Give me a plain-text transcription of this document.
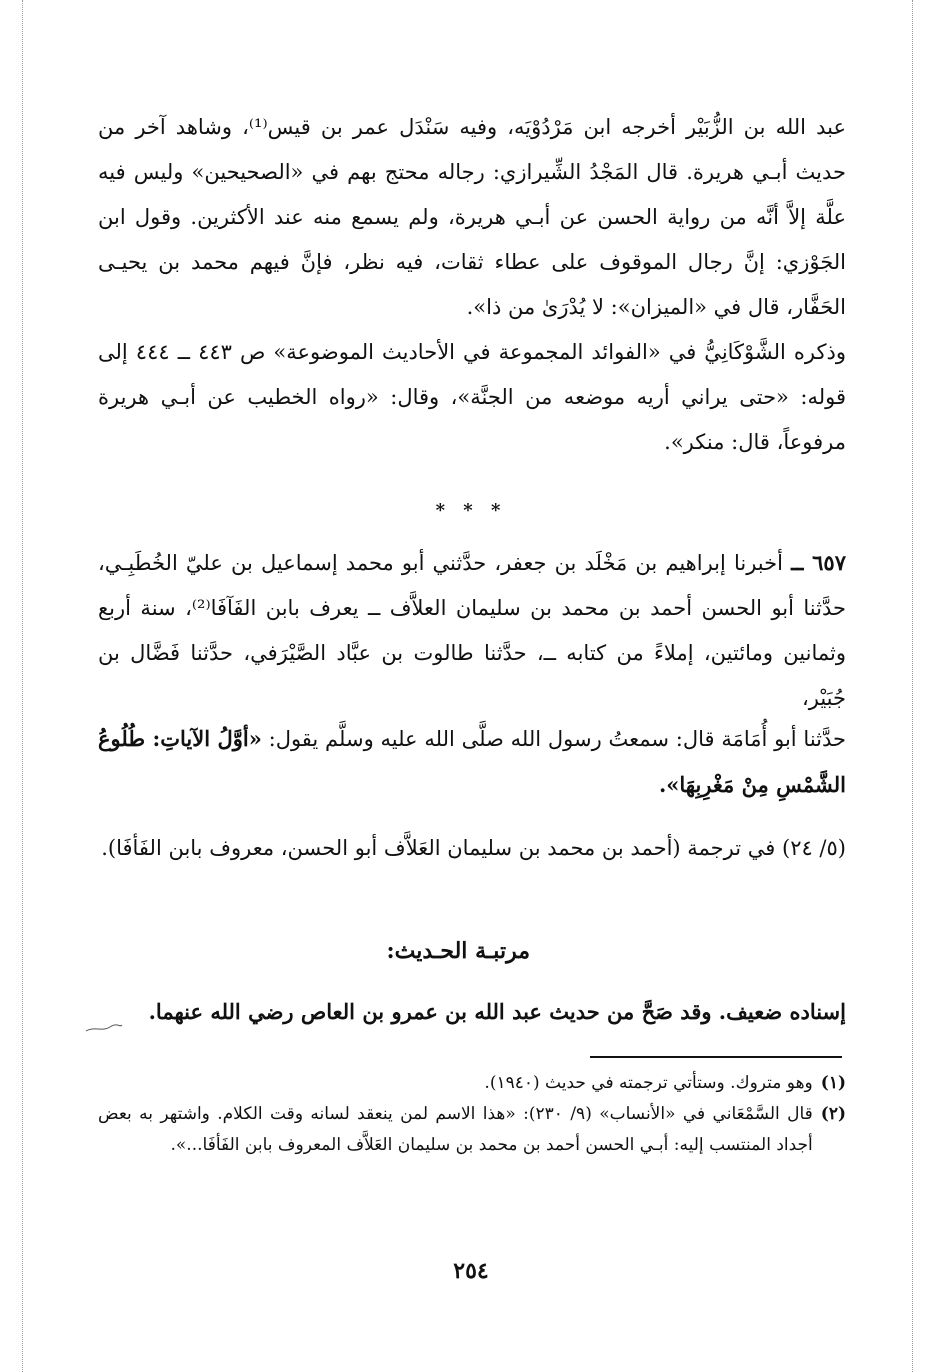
عبد الله بن الزُّبَيْر أخرجه ابن مَرْدُوْيَه، وفيه سَنْدَل عمر بن قيس⁽¹⁾، وشاهد آخر من حديث أبـي هريرة. قال المَجْدُ الشِّيرازي: رجاله محتج بهم في «الصحيحين» وليس فيه علَّة إلاَّ أنَّه من رواية الحسن عن أبـي هريرة، ولم يسمع منه عند الأكثرين. وقول ابن الجَوْزي: إنَّ رجال الموقوف على عطاء ثقات، فيه نظر، فإنَّ فيهم محمد بن يحيـى الحَفَّار، قال في «الميزان»: لا يُدْرَىٰ من ذا».

وذكره الشَّوْكَانِيُّ في «الفوائد المجموعة في الأحاديث الموضوعة» ص ٤٤٣ ــ ٤٤٤ إلى قوله: «حتى يراني أريه موضعه من الجنَّة»، وقال: «رواه الخطيب عن أبـي هريرة مرفوعاً، قال: منكر».

* * *

٦٥٧ ــ أخبرنا إبراهيم بن مَخْلَد بن جعفر، حدَّثني أبو محمد إسماعيل بن عليّ الخُطَبِـي، حدَّثنا أبو الحسن أحمد بن محمد بن سليمان العلاَّف ــ يعرف بابن الفَآفَا⁽²⁾، سنة أربع وثمانين ومائتين، إملاءً من كتابه ــ، حدَّثنا طالوت بن عبَّاد الصَّيْرَفي، حدَّثنا فَضَّال بن جُبَيْر،

حدَّثنا أبو أُمَامَة قال: سمعتُ رسول الله صلَّى الله عليه وسلَّم يقول: «أوَّلُ الآياتِ: طُلُوعُ الشَّمْسِ مِنْ مَغْرِبِهَا».

(٥/ ٢٤) في ترجمة (أحمد بن محمد بن سليمان العَلاَّف أبو الحسن، معروف بابن الفَأفَا).

مرتبـة الحـديث:
إسناده ضعيف. وقد صَحَّ من حديث عبد الله بن عمرو بن العاص رضي الله عنهما.
(١)
وهو متروك. وستأتي ترجمته في حديث (١٩٤٠).
(٢)
قال السَّمْعَاني في «الأنساب» (٩/ ٢٣٠): «هذا الاسم لمن ينعقد لسانه وقت الكلام. واشتهر به بعض أجداد المنتسب إليه: أبـي الحسن أحمد بن محمد بن سليمان العَلاَّف المعروف بابن الفَأفَا...».
٢٥٤
